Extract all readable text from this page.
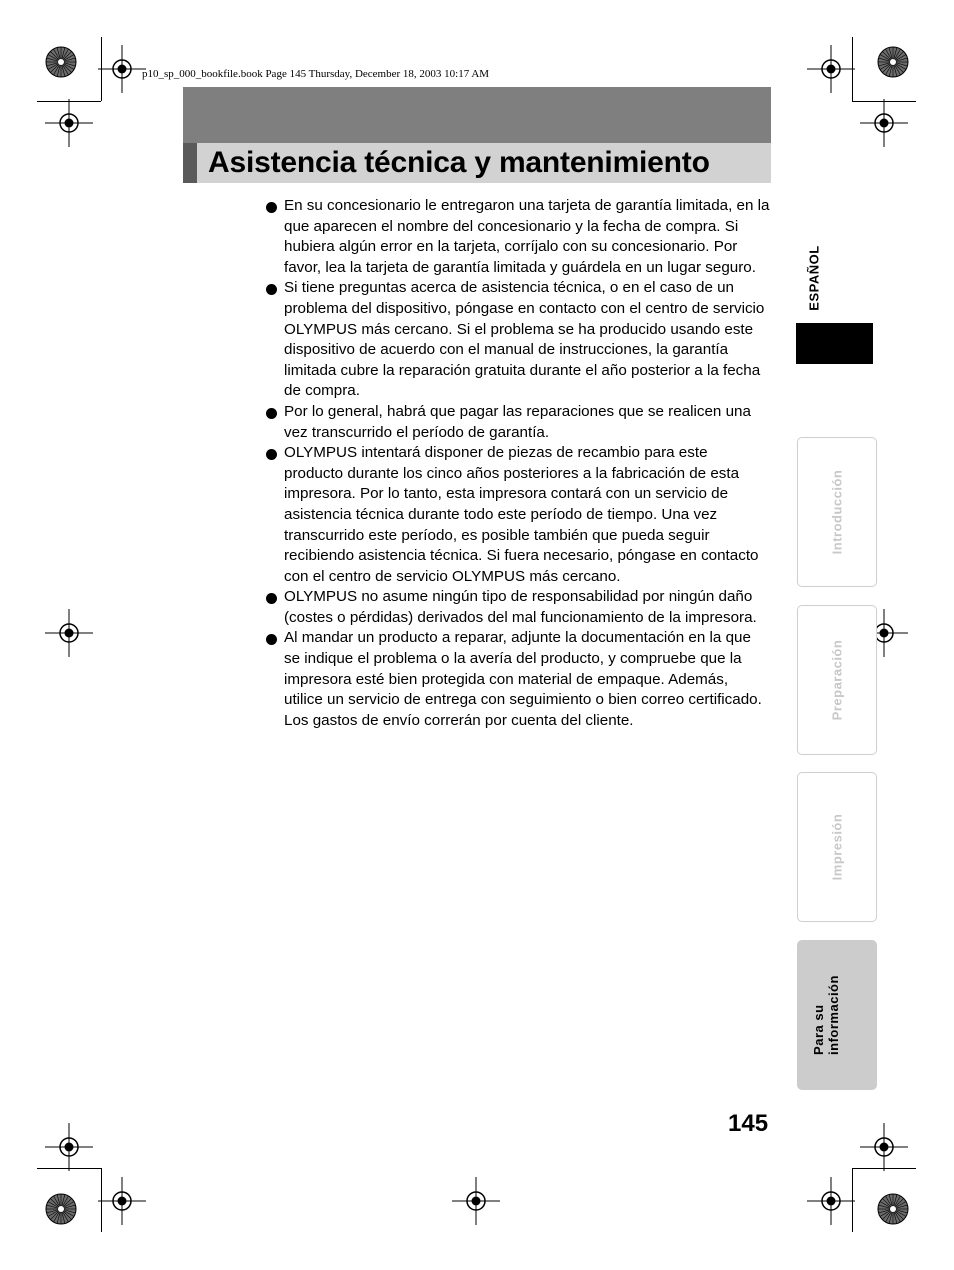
p10_sp_000_bookfile.book Page 145 Thursday, December 18, 2003 10:17 AM
Asistencia técnica y mantenimiento
En su concesionario le entregaron una tarjeta de garantía limitada, en la que aparecen el nombre del concesionario y la fecha de compra. Si hubiera algún error en la tarjeta, corríjalo con su concesionario. Por favor, lea la tarjeta de garantía limitada y guárdela en un lugar seguro.
Si tiene preguntas acerca de asistencia técnica, o en el caso de un problema del dispositivo, póngase en contacto con el centro de servicio OLYMPUS más cercano. Si el problema se ha producido usando este dispositivo de acuerdo con el manual de instrucciones, la garantía limitada cubre la reparación gratuita durante el año posterior a la fecha de compra.
Por lo general, habrá que pagar las reparaciones que se realicen una vez transcurrido el período de garantía.
OLYMPUS intentará disponer de piezas de recambio para este producto durante los cinco años posteriores a la fabricación de esta impresora. Por lo tanto, esta impresora contará con un servicio de asistencia técnica durante todo este período de tiempo. Una vez transcurrido este período, es posible también que pueda seguir recibiendo asistencia técnica. Si fuera necesario, póngase en contacto con el centro de servicio OLYMPUS más cercano.
OLYMPUS no asume ningún tipo de responsabilidad por ningún daño (costes o pérdidas) derivados del mal funcionamiento de la impresora.
Al mandar un producto a reparar, adjunte la documentación en la que se indique el problema o la avería del producto, y compruebe que la impresora esté bien protegida con material de empaque. Además, utilice un servicio de entrega con seguimiento o bien correo certificado. Los gastos de envío correrán por cuenta del cliente.
ESPAÑOL
Introducción
Preparación
Impresión
Para su
información
145
